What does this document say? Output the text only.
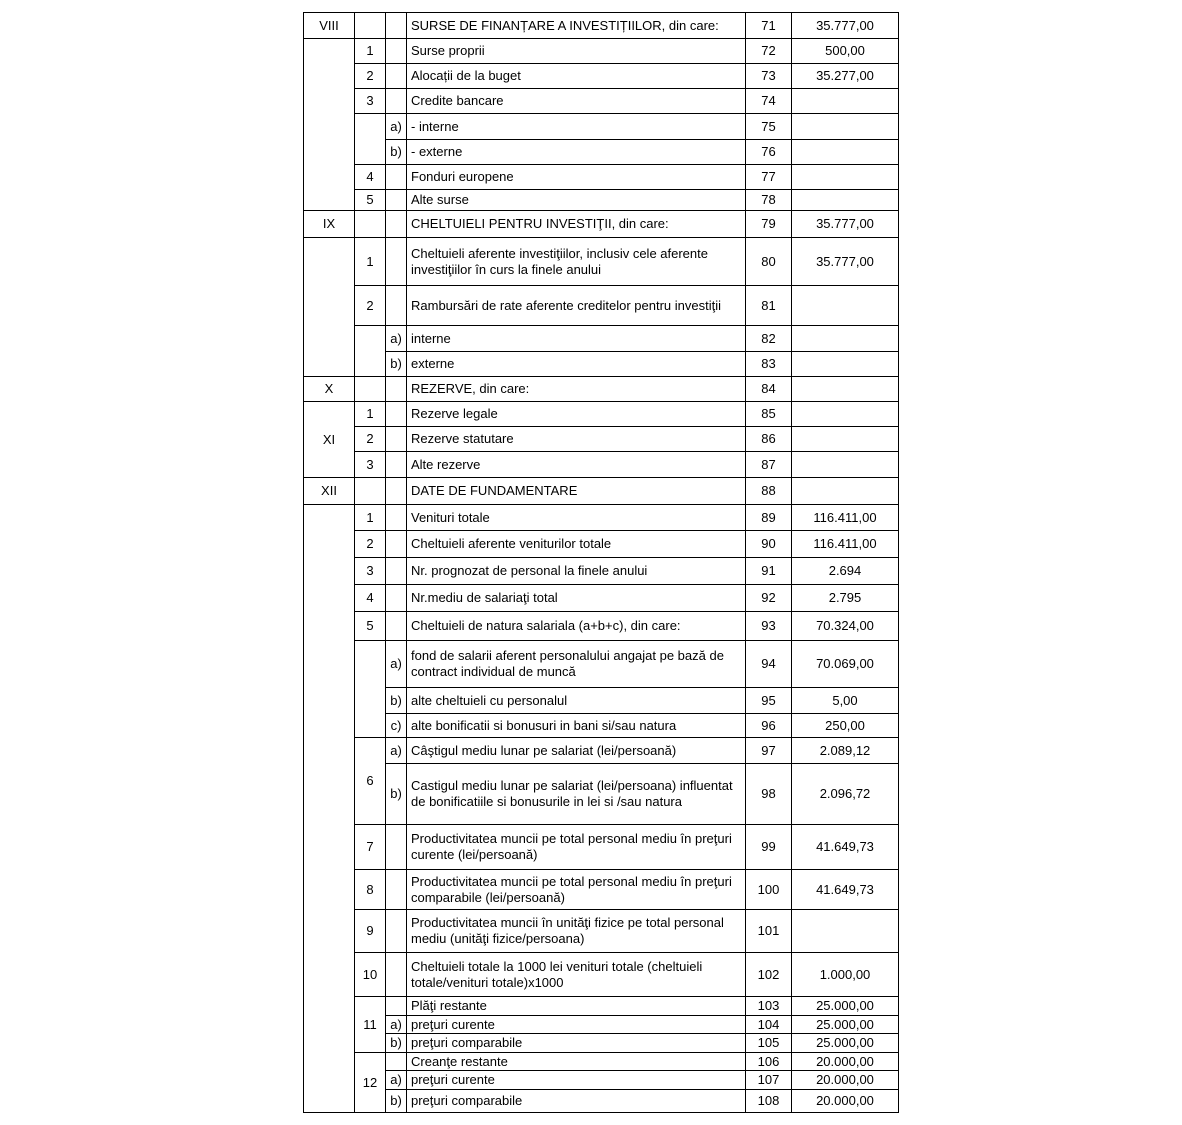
VIII			SURSE DE FINANȚARE A INVESTIȚIILOR, din care:	71	35.777,00
	1		Surse proprii	72	500,00
	2		Alocații de la buget	73	35.277,00
	3		Credite bancare	74	
		a)	- interne	75	
		b)	- externe	76	
	4		Fonduri europene	77	
	5		Alte surse	78	
IX			CHELTUIELI PENTRU INVESTIŢII, din care:	79	35.777,00
	1		Cheltuieli aferente investiţiilor, inclusiv cele aferente investiţiilor în curs la finele anului	80	35.777,00
	2		Rambursări de rate aferente creditelor pentru investiţii	81	
		a)	interne	82	
		b)	externe	83	
X			REZERVE, din care:	84	
XI	1		Rezerve legale	85	
	2		Rezerve statutare	86	
	3		Alte rezerve	87	
XII			DATE DE FUNDAMENTARE	88	
	1		Venituri totale	89	116.411,00
	2		Cheltuieli aferente veniturilor totale	90	116.411,00
	3		Nr. prognozat de personal la finele anului	91	2.694
	4		Nr.mediu de salariaţi total	92	2.795
	5		Cheltuieli de natura salariala (a+b+c), din care:	93	70.324,00
		a)	fond de salarii aferent personalului angajat pe bază de contract individual de muncă	94	70.069,00
		b)	alte cheltuieli cu personalul	95	5,00
		c)	alte bonificatii si bonusuri in bani si/sau natura	96	250,00
	6	a)	Câştigul mediu lunar pe salariat (lei/persoană)	97	2.089,12
		b)	Castigul mediu lunar pe salariat (lei/persoana) influentat de bonificatiile si bonusurile in lei si /sau natura	98	2.096,72
	7		Productivitatea muncii pe total personal mediu în preţuri curente (lei/persoană)	99	41.649,73
	8		Productivitatea muncii pe total personal mediu în preţuri comparabile (lei/persoană)	100	41.649,73
	9		Productivitatea muncii în unităţi fizice pe total personal mediu (unităţi fizice/persoana)	101	
	10		Cheltuieli totale la 1000 lei venituri totale (cheltuieli totale/venituri totale)x1000	102	1.000,00
	11		Plăţi restante	103	25.000,00
		a)	preţuri curente	104	25.000,00
		b)	preţuri comparabile	105	25.000,00
	12		Creanţe restante	106	20.000,00
		a)	preţuri curente	107	20.000,00
		b)	preţuri comparabile	108	20.000,00
